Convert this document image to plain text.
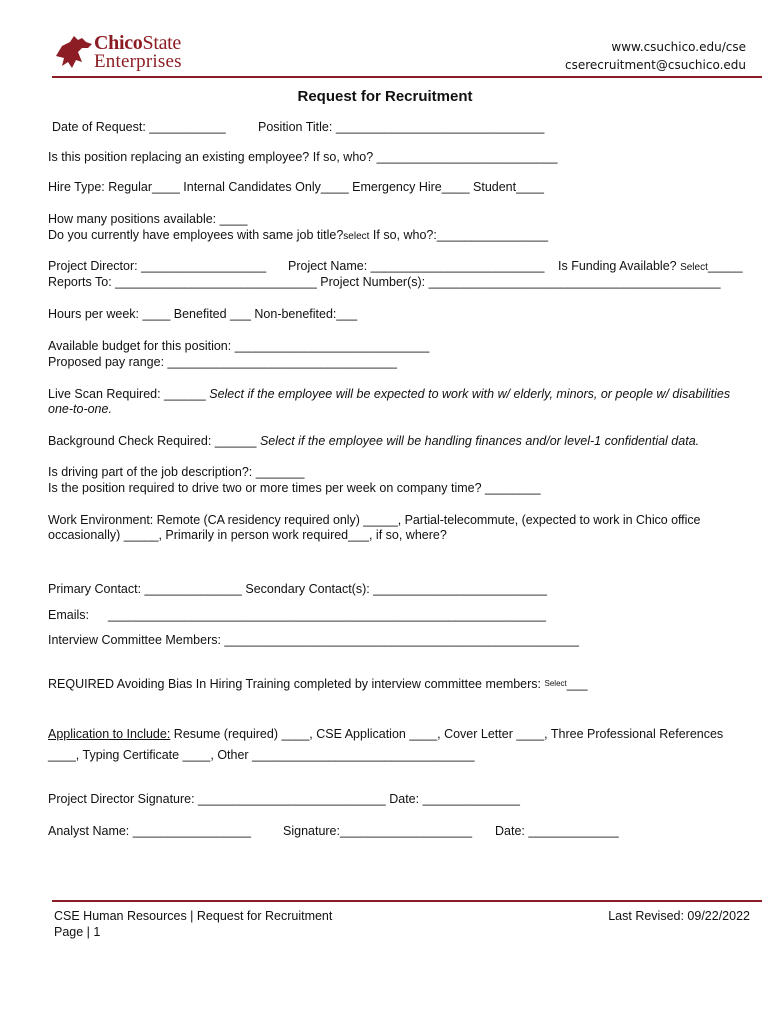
ChicoState
Enterprises
www.csuchico.edu/cse
cserecruitment@csuchico.edu
Request for Recruitment
Date of Request: ___________	Position Title: ______________________________
Is this position replacing an existing employee? If so, who? __________________________
Hire Type: Regular____ Internal Candidates Only____ Emergency Hire____ Student____
How many positions available: ____
Do you currently have employees with same job title?select If so, who?:________________
Project Director: __________________ Project Name: _________________________ Is Funding Available? Select_____
Reports To: _____________________________ Project Number(s): __________________________________________
Hours per week: ____ Benefited ___ Non-benefited:___
Available budget for this position: ____________________________
Proposed pay range: _________________________________
Live Scan Required: ______ Select if the employee will be expected to work with w/ elderly, minors, or people w/ disabilities
one-to-one.
Background Check Required: ______ Select if the employee will be handling finances and/or level-1 confidential data.
Is driving part of the job description?: _______
Is the position required to drive two or more times per week on company time? ________
Work Environment: Remote (CA residency required only) _____, Partial-telecommute, (expected to work in Chico office
occasionally) _____, Primarily in person work required___, if so, where?
Primary Contact: ______________ Secondary Contact(s): _________________________
Emails: _______________________________________________________________
Interview Committee Members: ___________________________________________________
REQUIRED Avoiding Bias In Hiring Training completed by interview committee members: Select___
Application to Include: Resume (required) ____, CSE Application ____, Cover Letter ____, Three Professional References
____, Typing Certificate ____, Other ________________________________
Project Director Signature: ___________________________ Date: ______________
Analyst Name: _________________	Signature:___________________ Date: _____________
CSE Human Resources | Request for Recruitment
Page | 1
Last Revised: 09/22/2022
